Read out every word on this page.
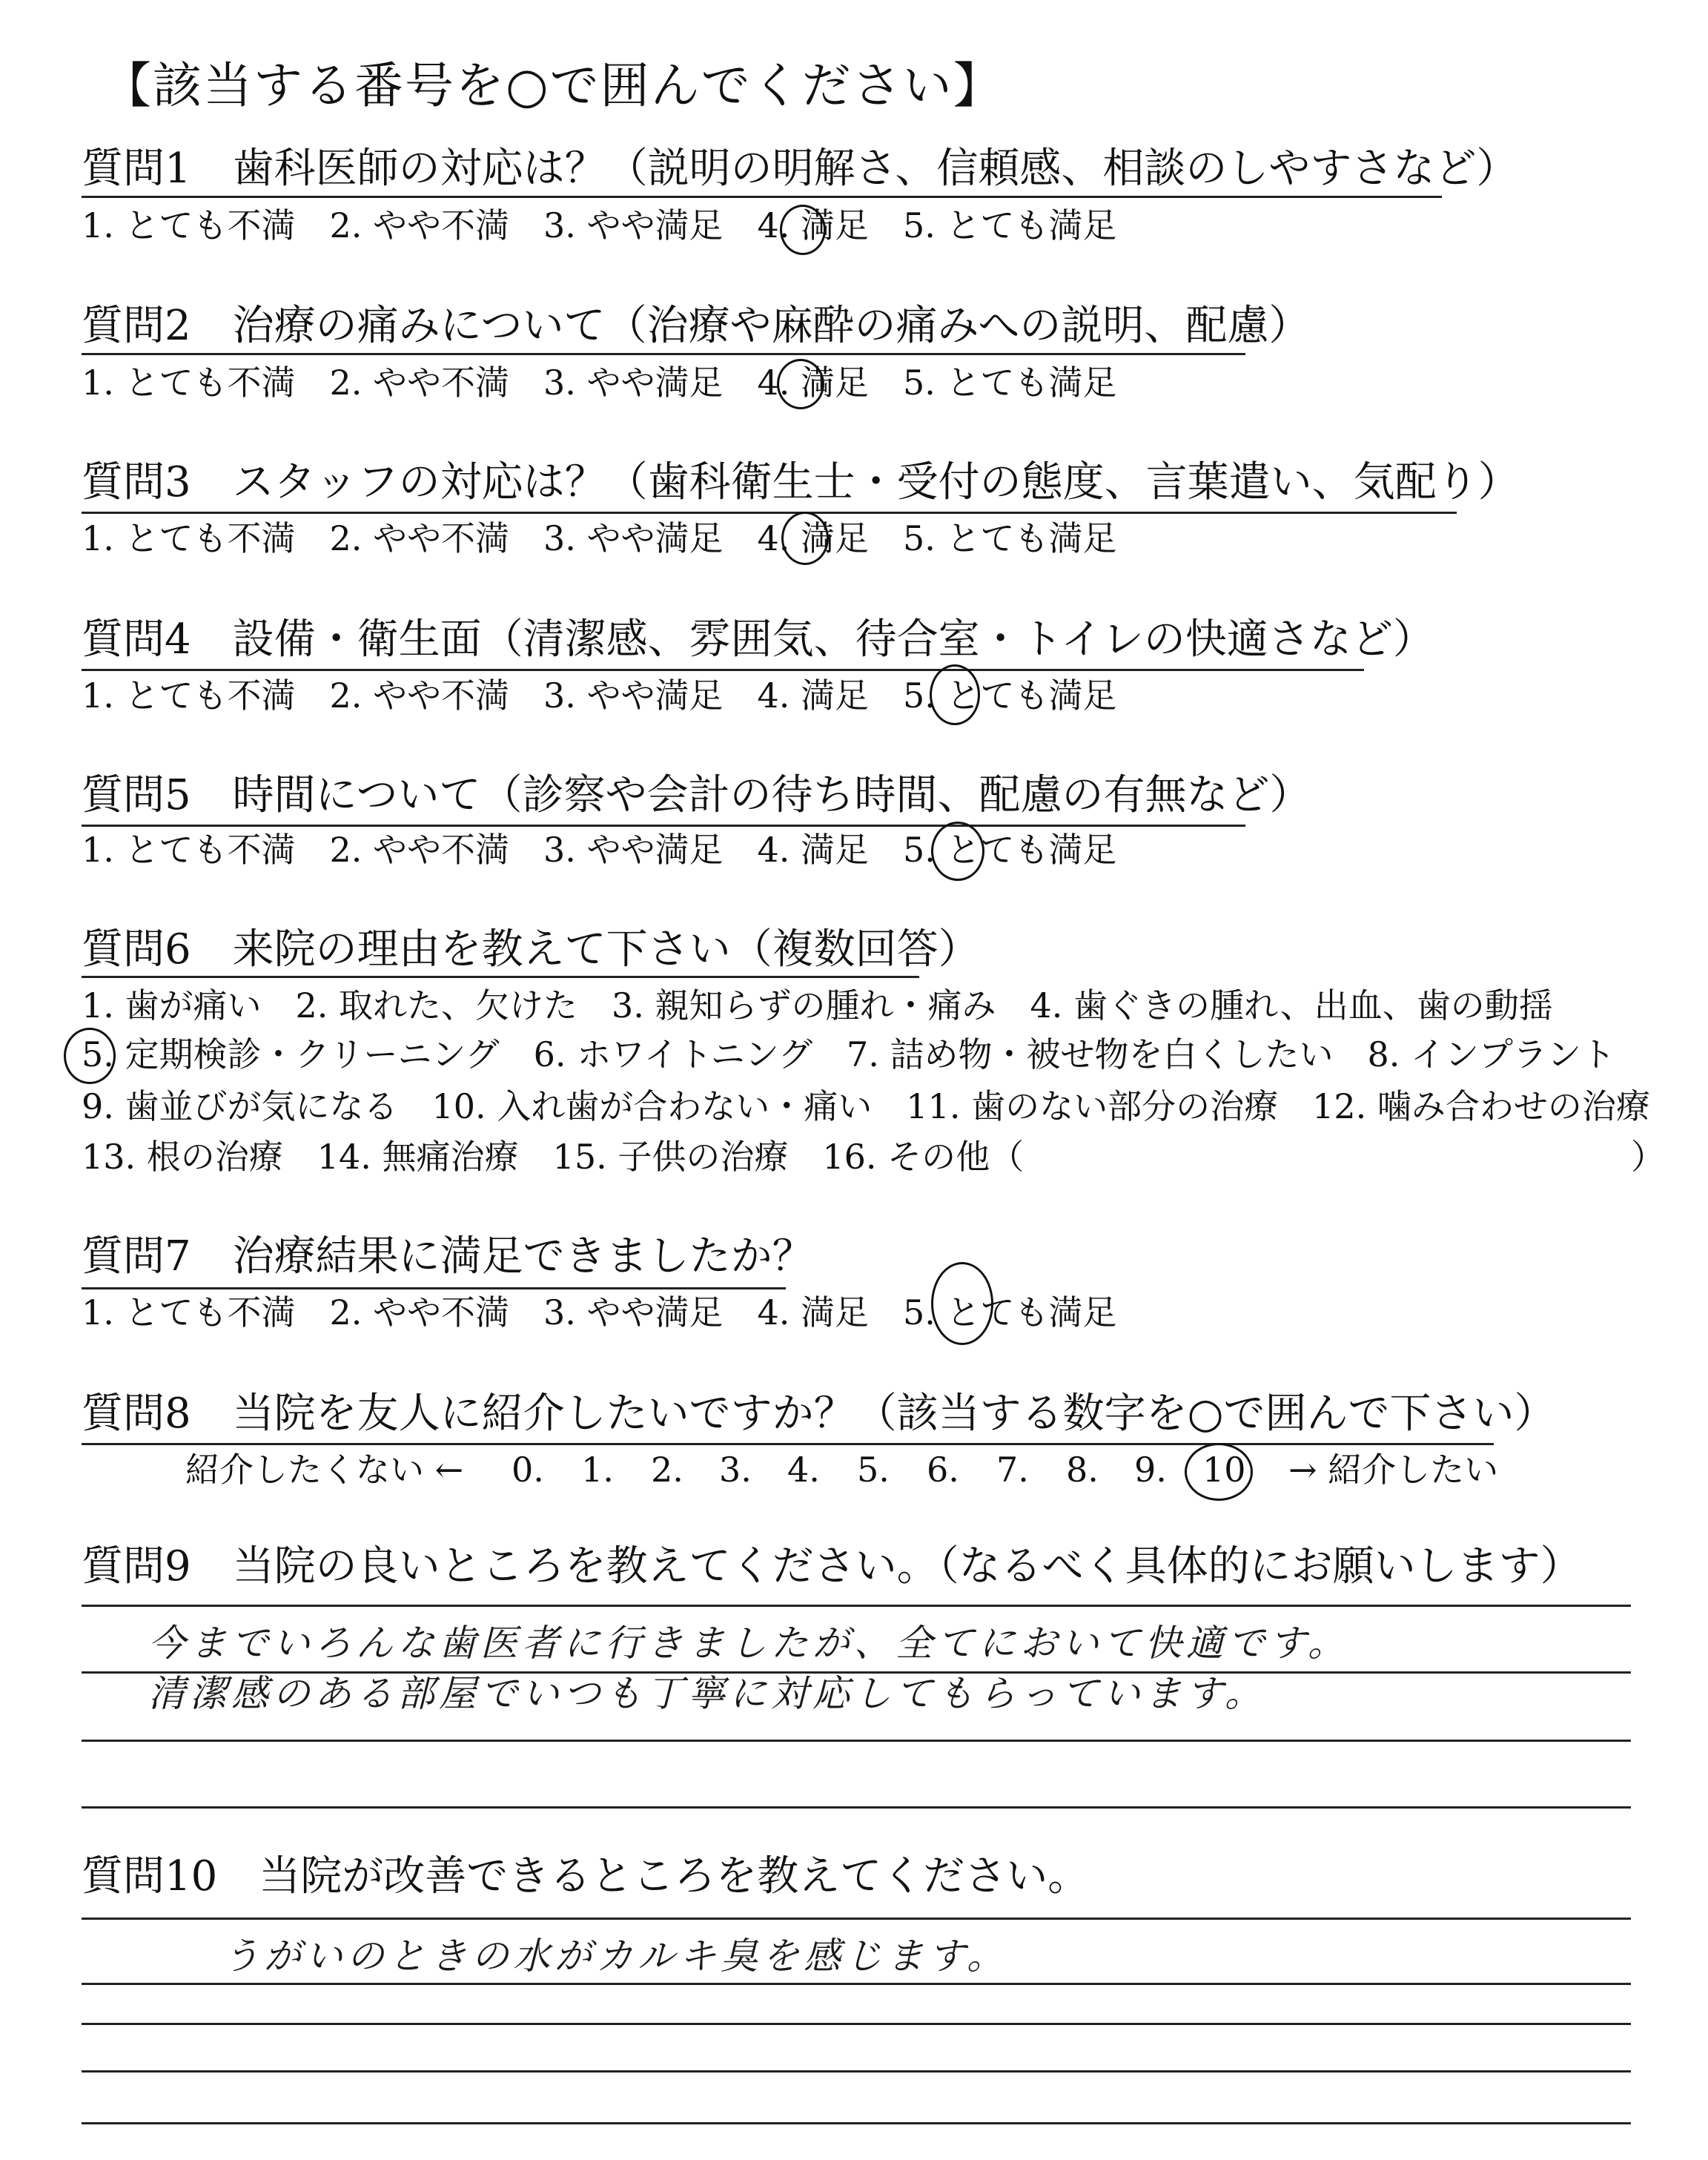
【該当する番号を○で囲んでください】
質問1　歯科医師の対応は？（説明の明解さ、信頼感、相談のしやすさなど）
1. とても不満　2. やや不満　3. やや満足　4. 満足　5. とても満足
質問2　治療の痛みについて（治療や麻酔の痛みへの説明、配慮）
1. とても不満　2. やや不満　3. やや満足　4. 満足　5. とても満足
質問3　スタッフの対応は？（歯科衛生士・受付の態度、言葉遣い、気配り）
1. とても不満　2. やや不満　3. やや満足　4. 満足　5. とても満足
質問4　設備・衛生面（清潔感、雰囲気、待合室・トイレの快適さなど）
1. とても不満　2. やや不満　3. やや満足　4. 満足　5. とても満足
質問5　時間について（診察や会計の待ち時間、配慮の有無など）
1. とても不満　2. やや不満　3. やや満足　4. 満足　5. とても満足
質問6　来院の理由を教えて下さい（複数回答）
1. 歯が痛い　2. 取れた、欠けた　3. 親知らずの腫れ・痛み　4. 歯ぐきの腫れ、出血、歯の動揺
5. 定期検診・クリーニング　6. ホワイトニング　7. 詰め物・被せ物を白くしたい　8. インプラント
9. 歯並びが気になる　10. 入れ歯が合わない・痛い　11. 歯のない部分の治療　12. 噛み合わせの治療
13. 根の治療　14. 無痛治療　15. 子供の治療　16. その他（	）
質問7　治療結果に満足できましたか？
1. とても不満　2. やや不満　3. やや満足　4. 満足　5. とても満足
質問8　当院を友人に紹介したいですか？（該当する数字を○で囲んで下さい）
紹介したくない ← 0. 1. 2. 3. 4. 5. 6. 7. 8. 9. 10 → 紹介したい
質問9　当院の良いところを教えてください。（なるべく具体的にお願いします）
今までいろんな歯医者に行きましたが、全てにおいて快適です。
清潔感のある部屋でいつも丁寧に対応してもらっています。
質問10　当院が改善できるところを教えてください。
うがいのときの水がカルキ臭を感じます。
